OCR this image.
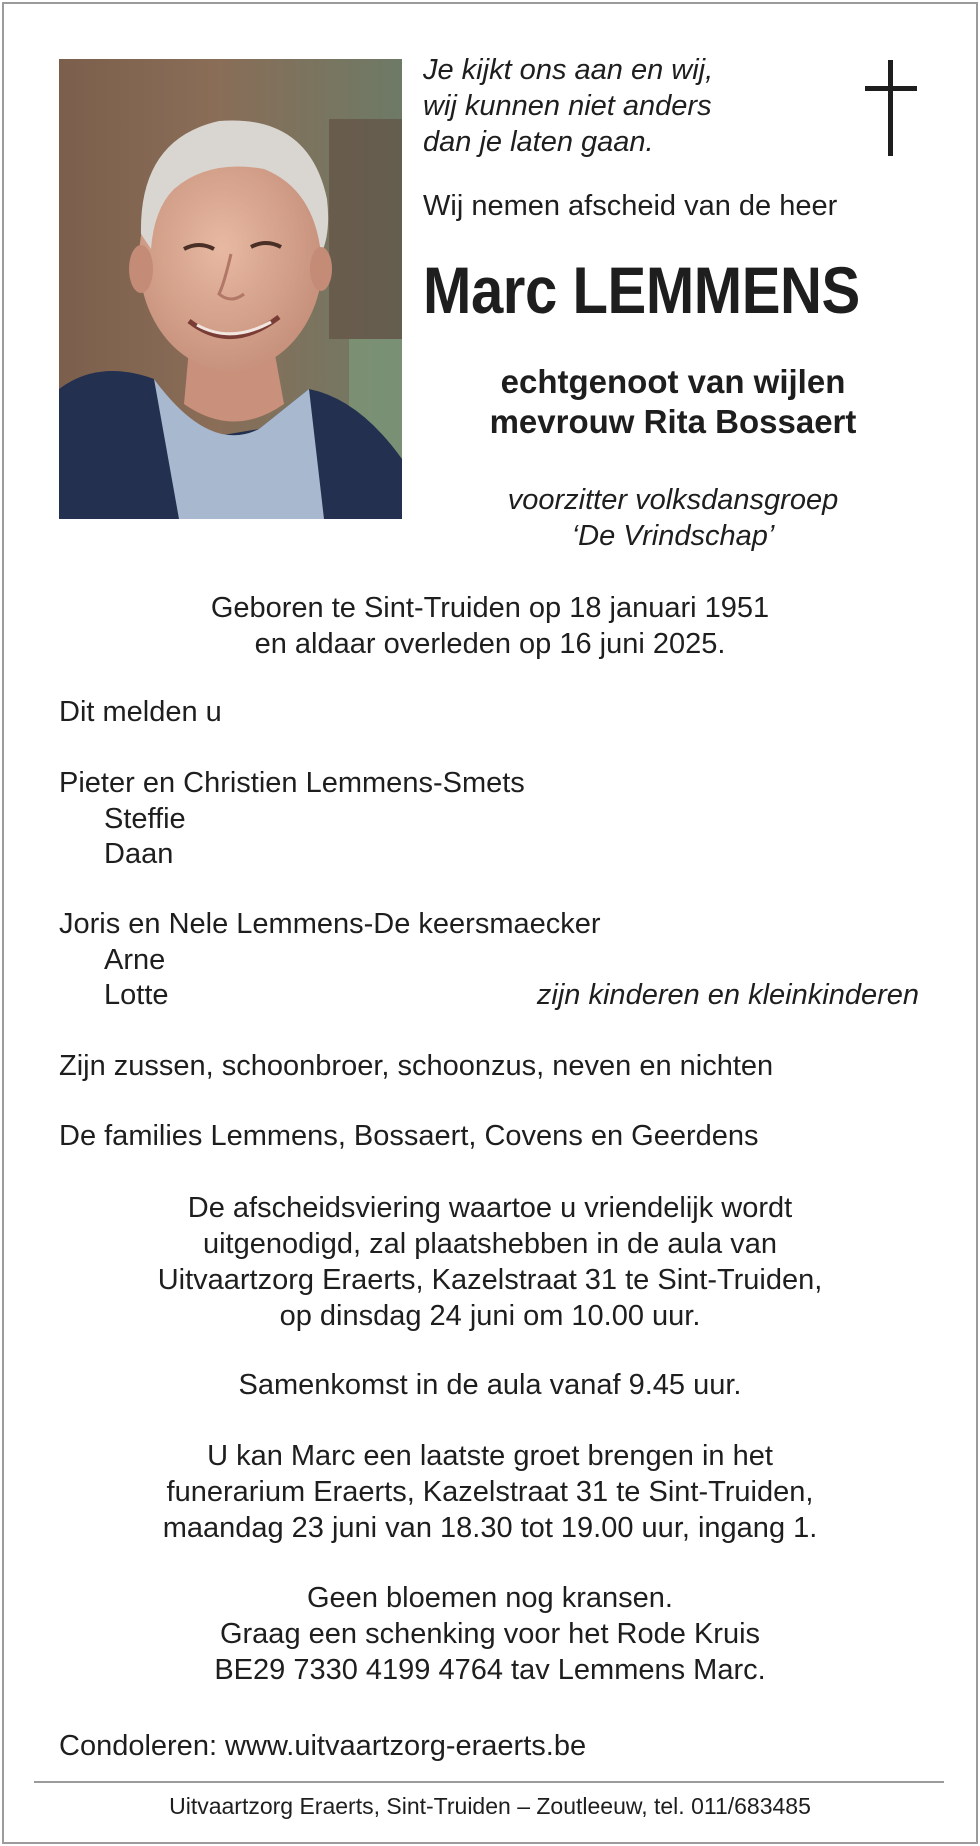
Je kijkt ons aan en wij,
wij kunnen niet anders
dan je laten gaan.
Wij nemen afscheid van de heer
Marc LEMMENS
echtgenoot van wijlen
mevrouw Rita Bossaert
voorzitter volksdansgroep
‘De Vrindschap’
Geboren te Sint-Truiden op 18 januari 1951
en aldaar overleden op 16 juni 2025.
Dit melden u
Pieter en Christien Lemmens-Smets
Steffie
Daan
Joris en Nele Lemmens-De keersmaecker
Arne
Lotte	zijn kinderen en kleinkinderen
Zijn zussen, schoonbroer, schoonzus, neven en nichten
De families Lemmens, Bossaert, Covens en Geerdens
De afscheidsviering waartoe u vriendelijk wordt
uitgenodigd, zal plaatshebben in de aula van
Uitvaartzorg Eraerts, Kazelstraat 31 te Sint-Truiden,
op dinsdag 24 juni om 10.00 uur.
Samenkomst in de aula vanaf 9.45 uur.
U kan Marc een laatste groet brengen in het
funerarium Eraerts, Kazelstraat 31 te Sint-Truiden,
maandag 23 juni van 18.30 tot 19.00 uur, ingang 1.
Geen bloemen nog kransen.
Graag een schenking voor het Rode Kruis
BE29 7330 4199 4764 tav Lemmens Marc.
Condoleren: www.uitvaartzorg-eraerts.be
Uitvaartzorg Eraerts, Sint-Truiden – Zoutleeuw, tel. 011/683485
